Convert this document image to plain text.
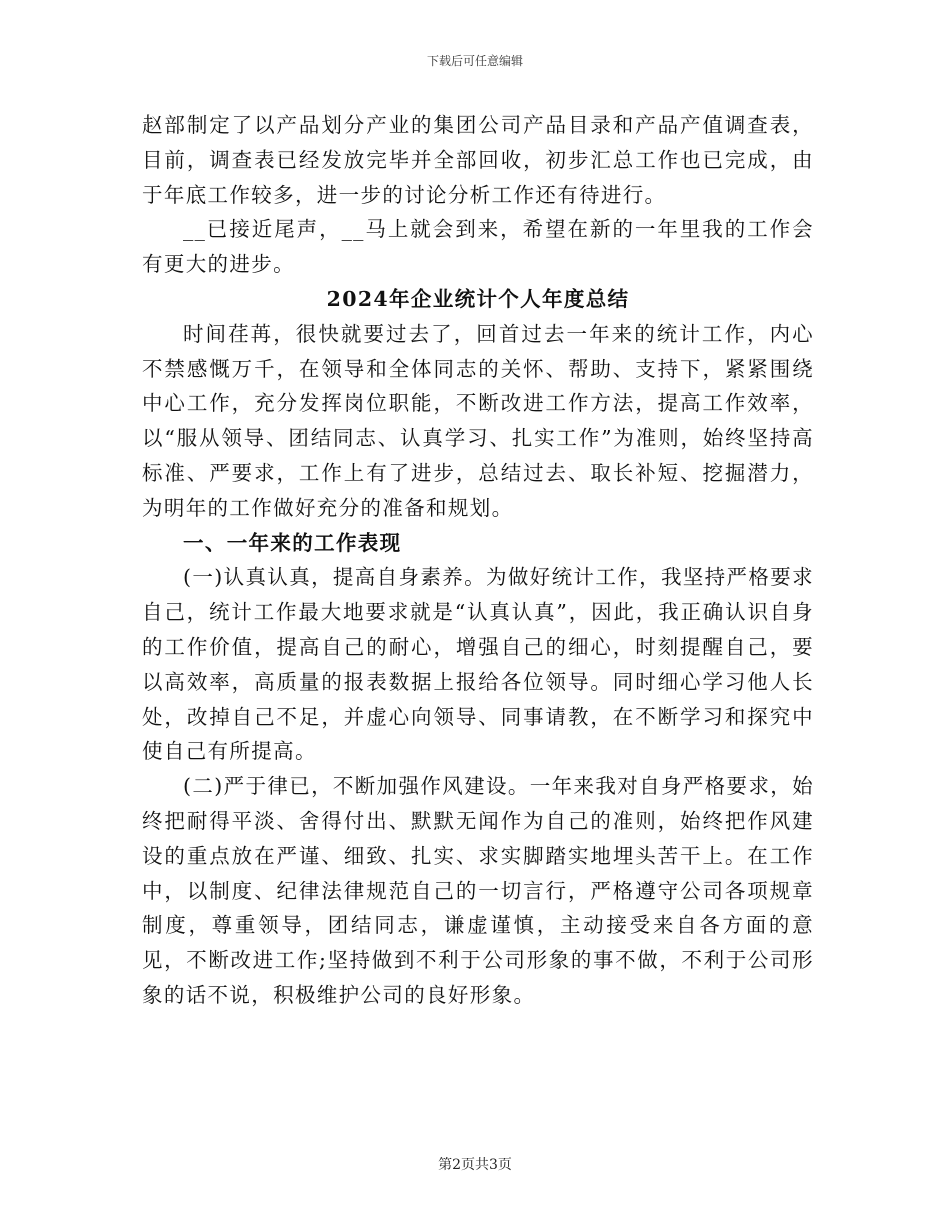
下载后可任意编辑

赵部制定了以产品划分产业的集团公司产品目录和产品产值调查表，目前，调查表已经发放完毕并全部回收，初步汇总工作也已完成，由于年底工作较多，进一步的讨论分析工作还有待进行。

__已接近尾声，__马上就会到来，希望在新的一年里我的工作会有更大的进步。

2024年企业统计个人年度总结

时间荏苒，很快就要过去了，回首过去一年来的统计工作，内心不禁感慨万千，在领导和全体同志的关怀、帮助、支持下，紧紧围绕中心工作，充分发挥岗位职能，不断改进工作方法，提高工作效率，以“服从领导、团结同志、认真学习、扎实工作”为准则，始终坚持高标准、严要求，工作上有了进步，总结过去、取长补短、挖掘潜力，为明年的工作做好充分的准备和规划。

一、一年来的工作表现

(一)认真认真，提高自身素养。为做好统计工作，我坚持严格要求自己，统计工作最大地要求就是“认真认真”，因此，我正确认识自身的工作价值，提高自己的耐心，增强自己的细心，时刻提醒自己，要以高效率，高质量的报表数据上报给各位领导。同时细心学习他人长处，改掉自己不足，并虚心向领导、同事请教，在不断学习和探究中使自己有所提高。

(二)严于律已，不断加强作风建设。一年来我对自身严格要求，始终把耐得平淡、舍得付出、默默无闻作为自己的准则，始终把作风建设的重点放在严谨、细致、扎实、求实脚踏实地埋头苦干上。在工作中，以制度、纪律法律规范自己的一切言行，严格遵守公司各项规章制度，尊重领导，团结同志，谦虚谨慎，主动接受来自各方面的意见，不断改进工作;坚持做到不利于公司形象的事不做，不利于公司形象的话不说，积极维护公司的良好形象。

第2页共3页
